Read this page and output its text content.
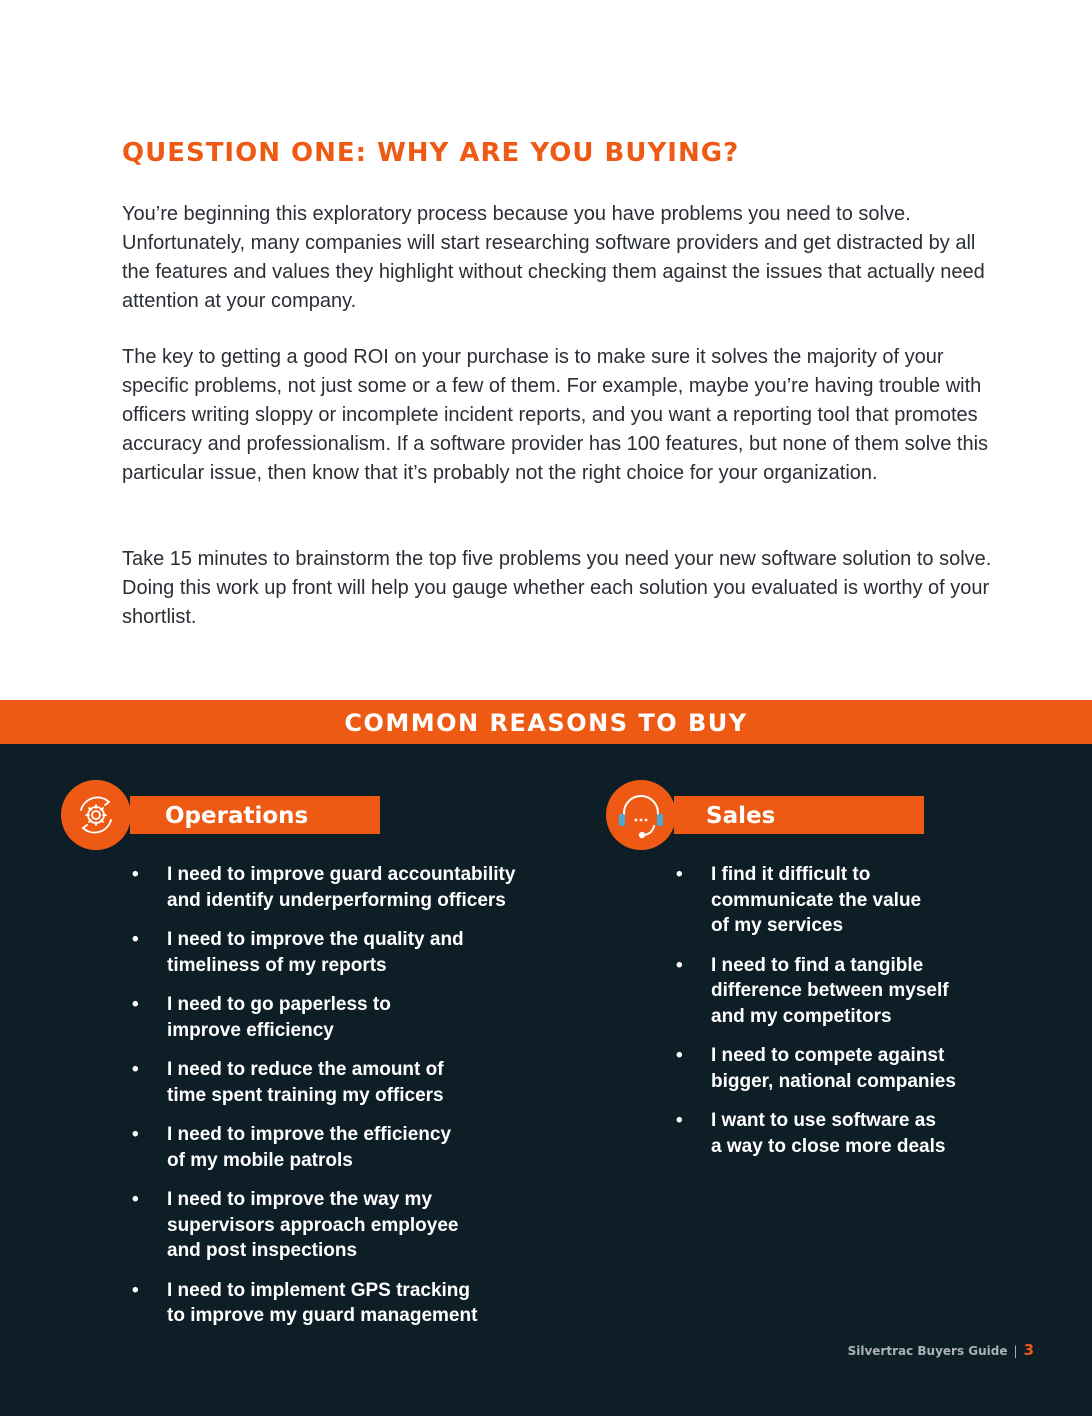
QUESTION ONE: WHY ARE YOU BUYING?

You’re beginning this exploratory process because you have problems you need to solve. Unfortunately, many companies will start researching software providers and get distracted by all the features and values they highlight without checking them against the issues that actually need attention at your company.

The key to getting a good ROI on your purchase is to make sure it solves the majority of your specific problems, not just some or a few of them. For example, maybe you’re having trouble with officers writing sloppy or incomplete incident reports, and you want a reporting tool that promotes accuracy and professionalism. If a software provider has 100 features, but none of them solve this particular issue, then know that it’s probably not the right choice for your organization.

Take 15 minutes to brainstorm the top five problems you need your new software solution to solve. Doing this work up front will help you gauge whether each solution you evaluated is worthy of your shortlist.

COMMON REASONS TO BUY
Operations
• I need to improve guard accountability
and identify underperforming officers
• I need to improve the quality and
timeliness of my reports
• I need to go paperless to
improve efficiency
• I need to reduce the amount of
time spent training my officers
• I need to improve the efficiency
of my mobile patrols
• I need to improve the way my
supervisors approach employee
and post inspections
• I need to implement GPS tracking
to improve my guard management
Sales
• I find it difficult to
communicate the value
of my services
• I need to find a tangible
difference between myself
and my competitors
• I need to compete against
bigger, national companies
• I want to use software as
a way to close more deals
Silvertrac Buyers Guide | 3
